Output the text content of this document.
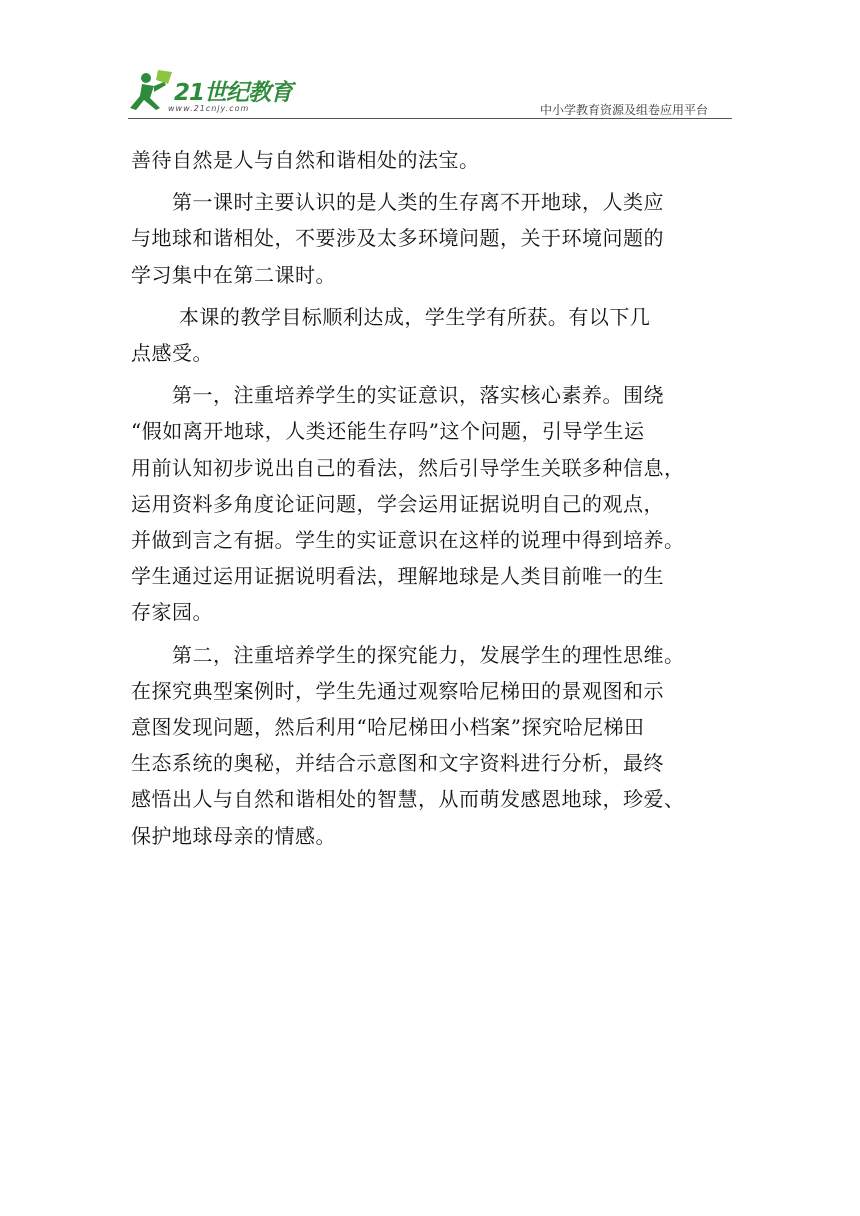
21世纪教育
www.21cnjy.com	中小学教育资源及组卷应用平台

善待自然是人与自然和谐相处的法宝。

　　第一课时主要认识的是人类的生存离不开地球，人类应
与地球和谐相处，不要涉及太多环境问题，关于环境问题的
学习集中在第二课时。

　　 本课的教学目标顺利达成，学生学有所获。有以下几
点感受。

　　第一，注重培养学生的实证意识，落实核心素养。围绕
“假如离开地球，人类还能生存吗”这个问题，引导学生运
用前认知初步说出自己的看法，然后引导学生关联多种信息，
运用资料多角度论证问题，学会运用证据说明自己的观点，
并做到言之有据。学生的实证意识在这样的说理中得到培养。
学生通过运用证据说明看法，理解地球是人类目前唯一的生
存家园。

　　第二，注重培养学生的探究能力，发展学生的理性思维。
在探究典型案例时，学生先通过观察哈尼梯田的景观图和示
意图发现问题，然后利用“哈尼梯田小档案”探究哈尼梯田
生态系统的奥秘，并结合示意图和文字资料进行分析，最终
感悟出人与自然和谐相处的智慧，从而萌发感恩地球，珍爱、
保护地球母亲的情感。
